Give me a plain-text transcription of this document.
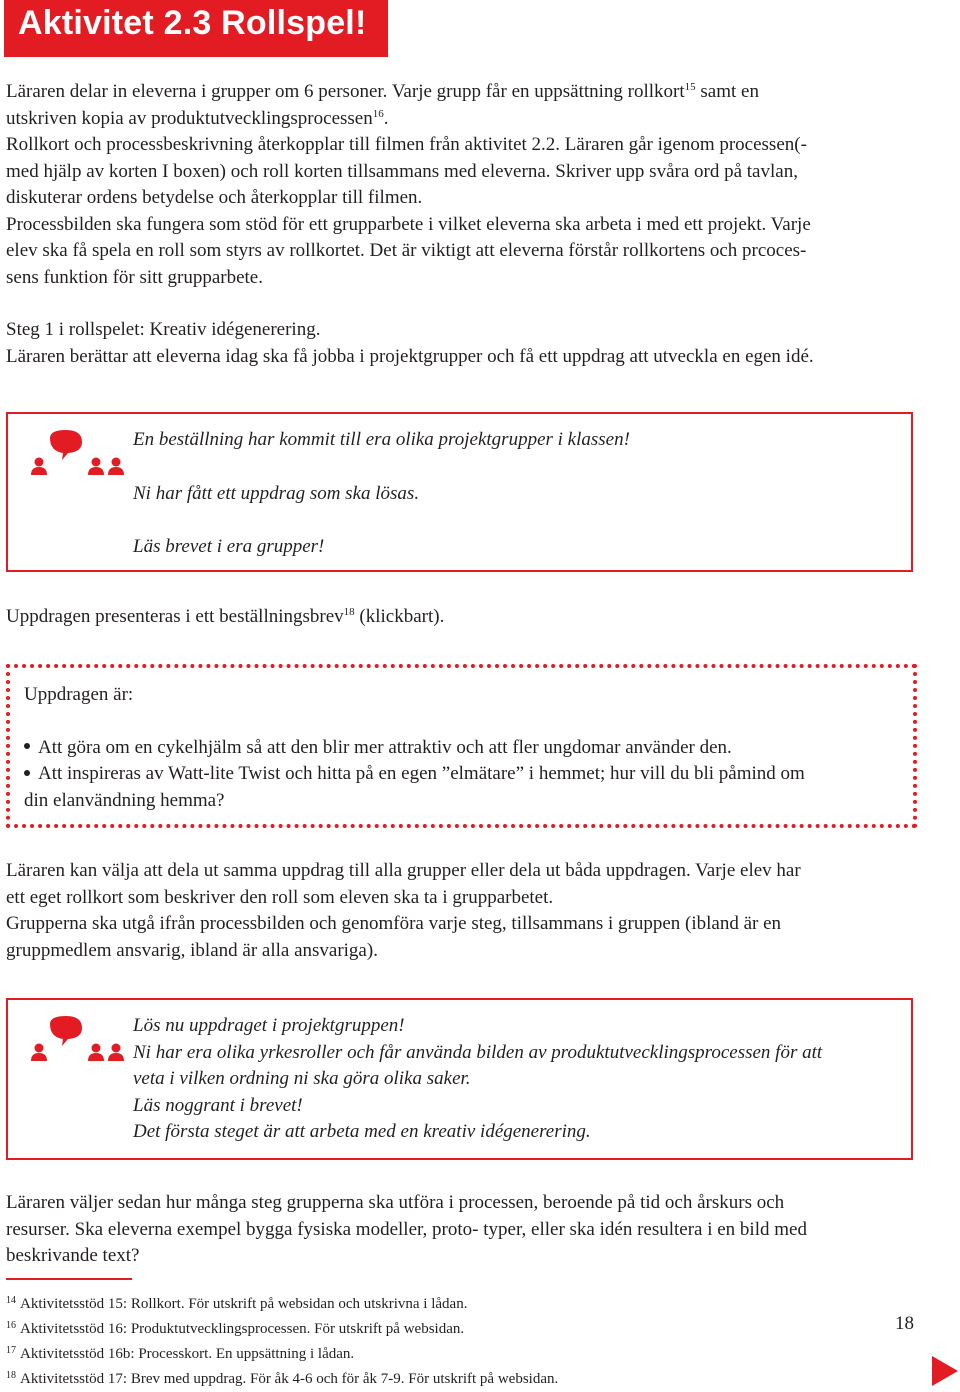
Aktivitet 2.3 Rollspel!
Läraren delar in eleverna i grupper om 6 personer. Varje grupp får en uppsättning rollkort$^{15}$ samt en
utskriven kopia av produktutvecklingsprocessen$^{16}$.
Rollkort och processbeskrivning återkopplar till filmen från aktivitet 2.2. Läraren går igenom processen(-
med hjälp av korten I boxen) och roll korten tillsammans med eleverna. Skriver upp svåra ord på tavlan,
diskuterar ordens betydelse och återkopplar till filmen.
Processbilden ska fungera som stöd för ett grupparbete i vilket eleverna ska arbeta i med ett projekt. Varje
elev ska få spela en roll som styrs av rollkortet. Det är viktigt att eleverna förstår rollkortens och prcoces-
sens funktion för sitt grupparbete.
Steg 1 i rollspelet: Kreativ idégenerering.
Läraren berättar att eleverna idag ska få jobba i projektgrupper och få ett uppdrag att utveckla en egen idé.
En beställning har kommit till era olika projektgrupper i klassen!
Ni har fått ett uppdrag som ska lösas.
Läs brevet i era grupper!
Uppdragen presenteras i ett beställningsbrev$^{18}$ (klickbart).
Uppdragen är:
Att göra om en cykelhjälm så att den blir mer attraktiv och att fler ungdomar använder den.
Att inspireras av Watt-lite Twist och hitta på en egen ”elmätare” i hemmet; hur vill du bli påmind om
din elanvändning hemma?
Läraren kan välja att dela ut samma uppdrag till alla grupper eller dela ut båda uppdragen. Varje elev har
ett eget rollkort som beskriver den roll som eleven ska ta i grupparbetet.
Grupperna ska utgå ifrån processbilden och genomföra varje steg, tillsammans i gruppen (ibland är en
gruppmedlem ansvarig, ibland är alla ansvariga).
Lös nu uppdraget i projektgruppen!
Ni har era olika yrkesroller och får använda bilden av produktutvecklingsprocessen för att
veta i vilken ordning ni ska göra olika saker.
Läs noggrant i brevet!
Det första steget är att arbeta med en kreativ idégenerering.
Läraren väljer sedan hur många steg grupperna ska utföra i processen, beroende på tid och årskurs och
resurser. Ska eleverna exempel bygga fysiska modeller, proto- typer, eller ska idén resultera i en bild med
beskrivande text?
$^{14}$ Aktivitetsstöd 15: Rollkort. För utskrift på websidan och utskrivna i lådan.
$^{16}$ Aktivitetsstöd 16: Produktutvecklingsprocessen. För utskrift på websidan.
$^{17}$ Aktivitetsstöd 16b: Processkort. En uppsättning i lådan.
$^{18}$ Aktivitetsstöd 17: Brev med uppdrag. För åk 4-6 och för åk 7-9. För utskrift på websidan.
18
